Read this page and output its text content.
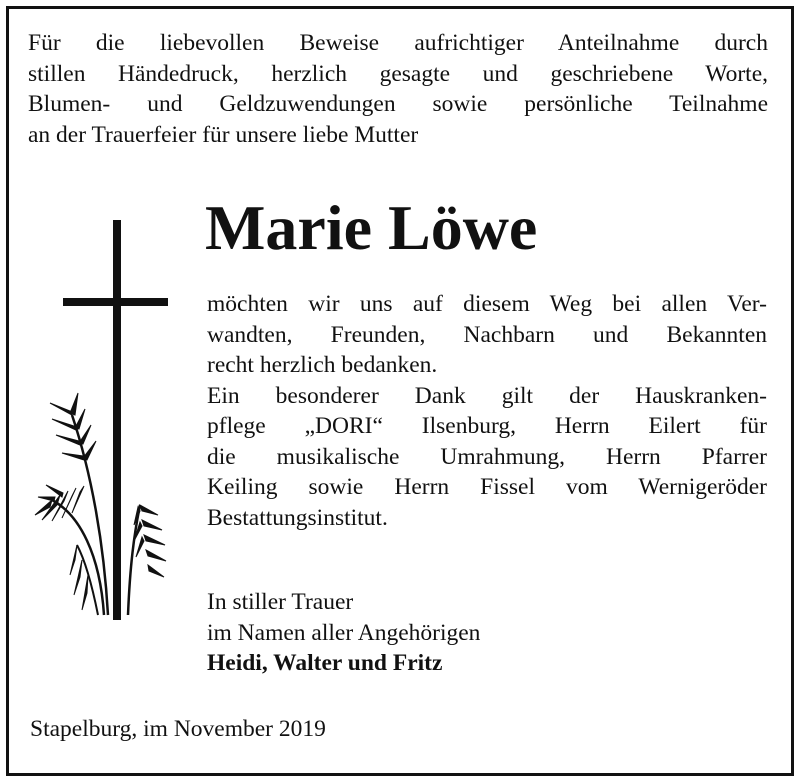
Für die liebevollen Beweise aufrichtiger Anteilnahme durch
stillen Händedruck, herzlich gesagte und geschriebene Worte,
Blumen- und Geldzuwendungen sowie persönliche Teilnahme
an der Trauerfeier für unsere liebe Mutter

Marie Löwe

möchten wir uns auf diesem Weg bei allen Ver-
wandten, Freunden, Nachbarn und Bekannten
recht herzlich bedanken.
Ein besonderer Dank gilt der Hauskranken-
pflege „DORI“ Ilsenburg, Herrn Eilert für
die musikalische Umrahmung, Herrn Pfarrer
Keiling sowie Herrn Fissel vom Wernigeröder
Bestattungsinstitut.

In stiller Trauer
im Namen aller Angehörigen
Heidi, Walter und Fritz

Stapelburg, im November 2019
